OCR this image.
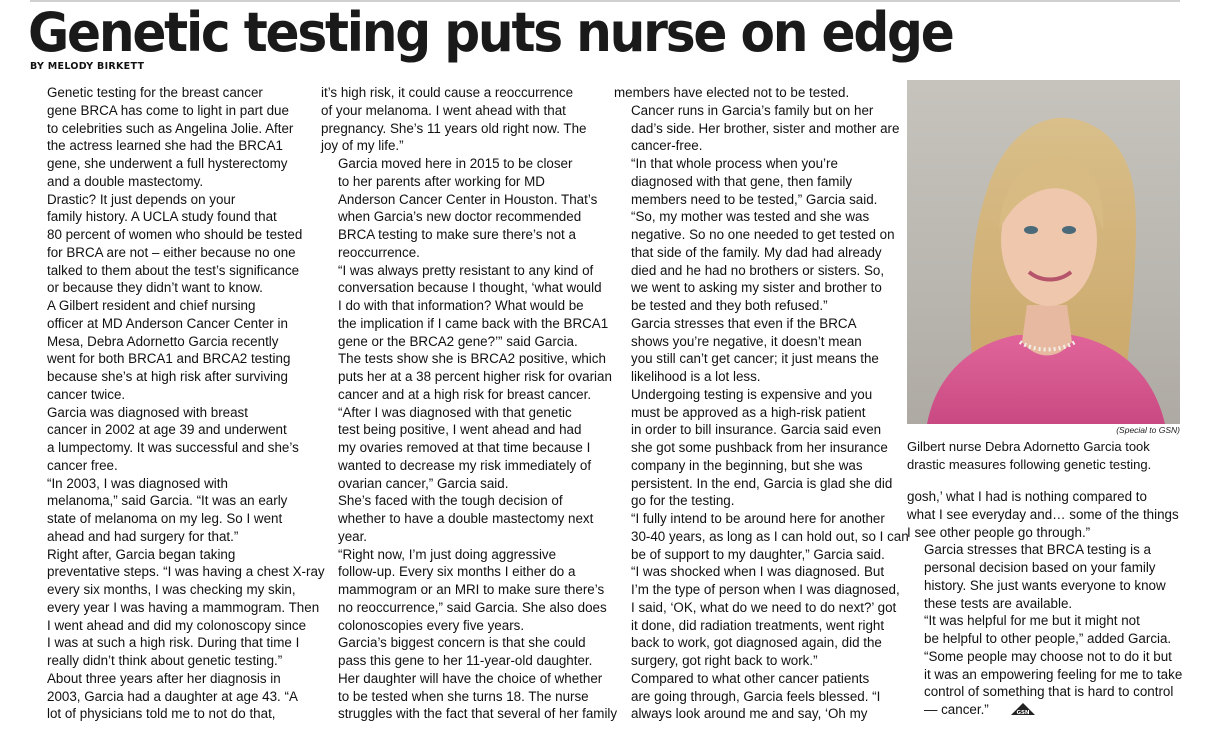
Genetic testing puts nurse on edge
BY MELODY BIRKETT

Genetic testing for the breast cancer
gene BRCA has come to light in part due
to celebrities such as Angelina Jolie. After
the actress learned she had the BRCA1
gene, she underwent a full hysterectomy
and a double mastectomy.

Drastic? It just depends on your
family history. A UCLA study found that
80 percent of women who should be tested
for BRCA are not – either because no one
talked to them about the test’s significance
or because they didn’t want to know.

A Gilbert resident and chief nursing
officer at MD Anderson Cancer Center in
Mesa, Debra Adornetto Garcia recently
went for both BRCA1 and BRCA2 testing
because she’s at high risk after surviving
cancer twice.

Garcia was diagnosed with breast
cancer in 2002 at age 39 and underwent
a lumpectomy. It was successful and she’s
cancer free.

“In 2003, I was diagnosed with
melanoma,” said Garcia. “It was an early
state of melanoma on my leg. So I went
ahead and had surgery for that.”

Right after, Garcia began taking
preventative steps. “I was having a chest X-ray
every six months, I was checking my skin,
every year I was having a mammogram. Then
I went ahead and did my colonoscopy since
I was at such a high risk. During that time I
really didn’t think about genetic testing.”

About three years after her diagnosis in
2003, Garcia had a daughter at age 43. “A
lot of physicians told me to not do that,

it’s high risk, it could cause a reoccurrence
of your melanoma. I went ahead with that
pregnancy. She’s 11 years old right now. The
joy of my life.”

Garcia moved here in 2015 to be closer
to her parents after working for MD
Anderson Cancer Center in Houston. That’s
when Garcia’s new doctor recommended
BRCA testing to make sure there’s not a
reoccurrence.

“I was always pretty resistant to any kind of
conversation because I thought, ‘what would
I do with that information? What would be
the implication if I came back with the BRCA1
gene or the BRCA2 gene?’” said Garcia.

The tests show she is BRCA2 positive, which
puts her at a 38 percent higher risk for ovarian
cancer and at a high risk for breast cancer.

“After I was diagnosed with that genetic
test being positive, I went ahead and had
my ovaries removed at that time because I
wanted to decrease my risk immediately of
ovarian cancer,” Garcia said.

She’s faced with the tough decision of
whether to have a double mastectomy next
year.

“Right now, I’m just doing aggressive
follow-up. Every six months I either do a
mammogram or an MRI to make sure there’s
no reoccurrence,” said Garcia. She also does
colonoscopies every five years.

Garcia’s biggest concern is that she could
pass this gene to her 11-year-old daughter.
Her daughter will have the choice of whether
to be tested when she turns 18. The nurse
struggles with the fact that several of her family

members have elected not to be tested.

Cancer runs in Garcia’s family but on her
dad’s side. Her brother, sister and mother are
cancer-free.

“In that whole process when you’re
diagnosed with that gene, then family
members need to be tested,” Garcia said.
“So, my mother was tested and she was
negative. So no one needed to get tested on
that side of the family. My dad had already
died and he had no brothers or sisters. So,
we went to asking my sister and brother to
be tested and they both refused.”

Garcia stresses that even if the BRCA
shows you’re negative, it doesn’t mean
you still can’t get cancer; it just means the
likelihood is a lot less.

Undergoing testing is expensive and you
must be approved as a high-risk patient
in order to bill insurance. Garcia said even
she got some pushback from her insurance
company in the beginning, but she was
persistent. In the end, Garcia is glad she did
go for the testing.

“I fully intend to be around here for another
30-40 years, as long as I can hold out, so I can
be of support to my daughter,” Garcia said.

“I was shocked when I was diagnosed. But
I’m the type of person when I was diagnosed,
I said, ‘OK, what do we need to do next?’ got
it done, did radiation treatments, went right
back to work, got diagnosed again, did the
surgery, got right back to work.”

Compared to what other cancer patients
are going through, Garcia feels blessed. “I
always look around me and say, ‘Oh my

(Special to GSN)
Gilbert nurse Debra Adornetto Garcia took
drastic measures following genetic testing.

gosh,’ what I had is nothing compared to
what I see everyday and… some of the things
I see other people go through.”

Garcia stresses that BRCA testing is a
personal decision based on your family
history. She just wants everyone to know
these tests are available.

“It was helpful for me but it might not
be helpful to other people,” added Garcia.
“Some people may choose not to do it but
it was an empowering feeling for me to take
control of something that is hard to control
— cancer.”	GSN
